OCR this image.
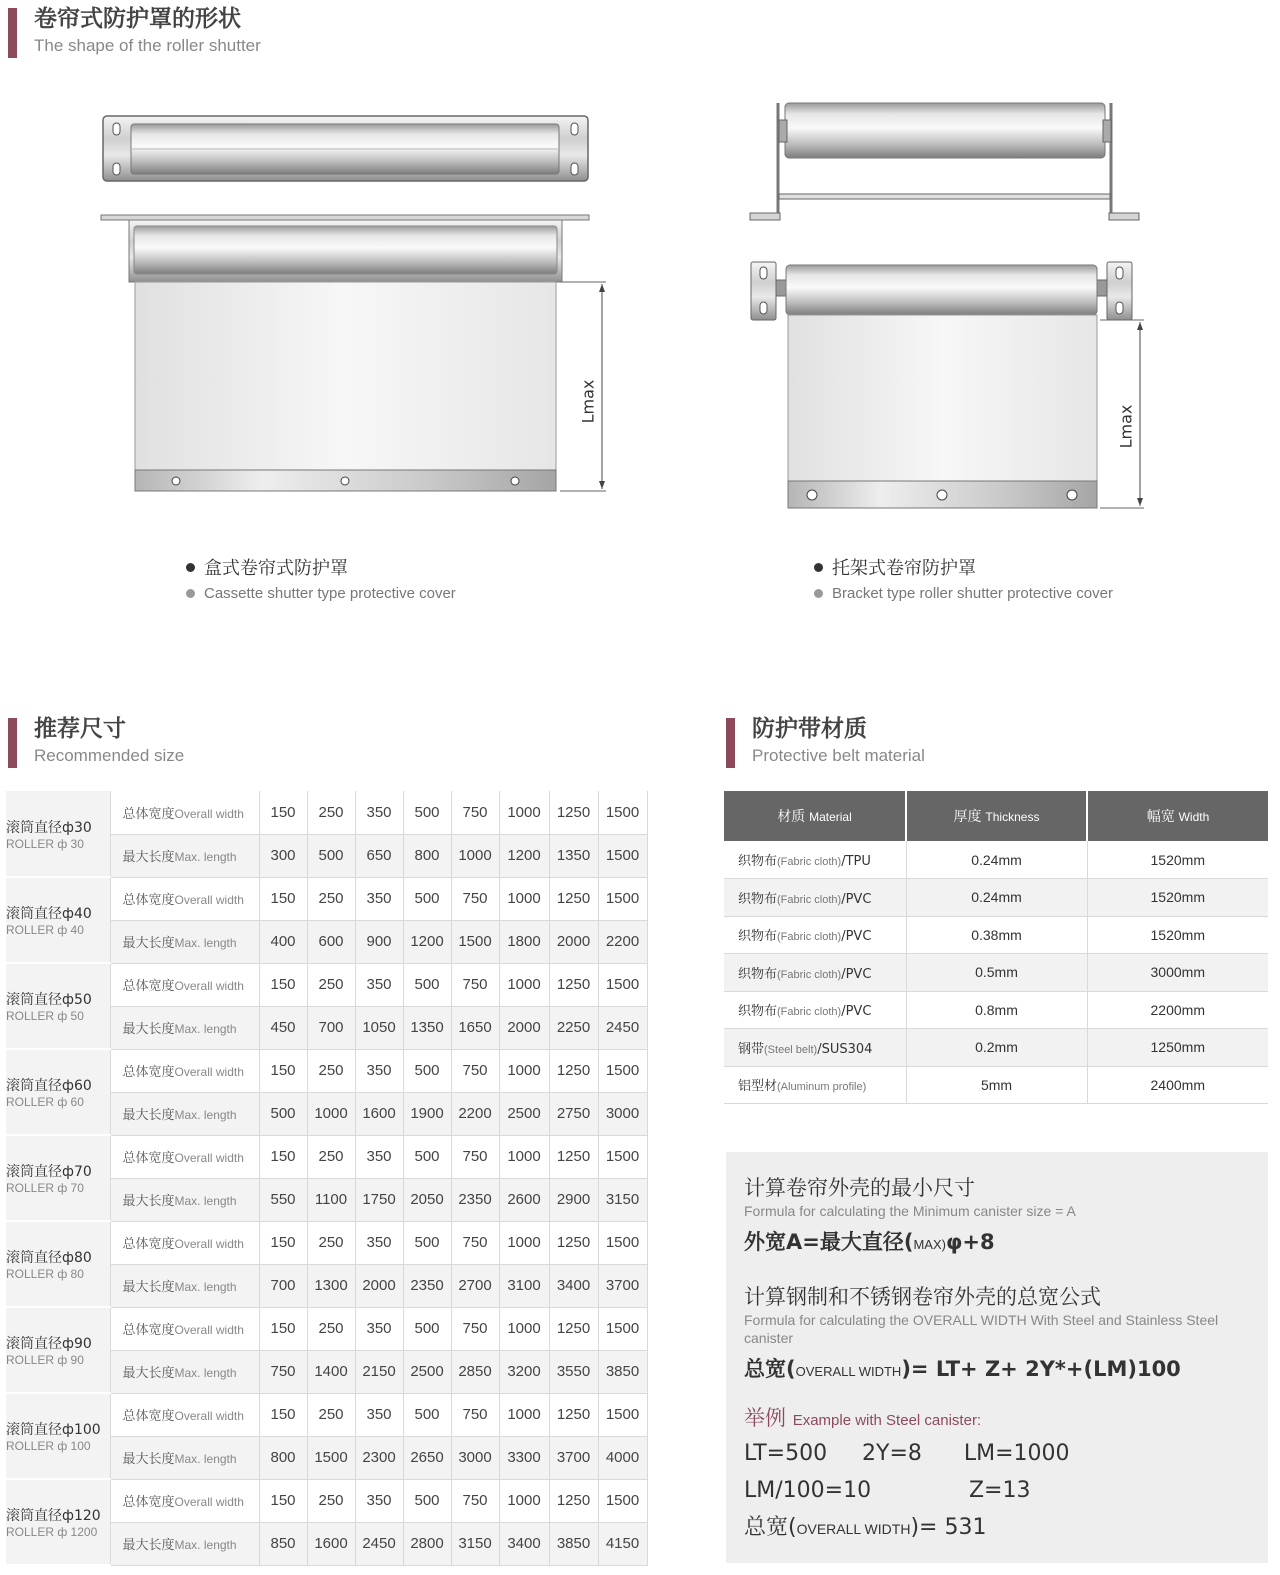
卷帘式防护罩的形状
The shape of the roller shutter
Lmax
Lmax
盒式卷帘式防护罩
Cassette shutter type protective cover
托架式卷帘防护罩
Bracket type roller shutter protective cover
推荐尺寸
Recommended size
防护带材质
Protective belt material
滚筒直径ф30
ROLLER ф 30	总体宽度Overall width	150	250	350	500	750	1000	1250	1500
	最大长度Max. length	300	500	650	800	1000	1200	1350	1500

滚筒直径ф40
ROLLER ф 40	总体宽度Overall width	150	250	350	500	750	1000	1250	1500
	最大长度Max. length	400	600	900	1200	1500	1800	2000	2200

滚筒直径ф50
ROLLER ф 50	总体宽度Overall width	150	250	350	500	750	1000	1250	1500
	最大长度Max. length	450	700	1050	1350	1650	2000	2250	2450

滚筒直径ф60
ROLLER ф 60	总体宽度Overall width	150	250	350	500	750	1000	1250	1500
	最大长度Max. length	500	1000	1600	1900	2200	2500	2750	3000

滚筒直径ф70
ROLLER ф 70	总体宽度Overall width	150	250	350	500	750	1000	1250	1500
	最大长度Max. length	550	1100	1750	2050	2350	2600	2900	3150

滚筒直径ф80
ROLLER ф 80	总体宽度Overall width	150	250	350	500	750	1000	1250	1500
	最大长度Max. length	700	1300	2000	2350	2700	3100	3400	3700

滚筒直径ф90
ROLLER ф 90	总体宽度Overall width	150	250	350	500	750	1000	1250	1500
	最大长度Max. length	750	1400	2150	2500	2850	3200	3550	3850

滚筒直径ф100
ROLLER ф 100	总体宽度Overall width	150	250	350	500	750	1000	1250	1500
	最大长度Max. length	800	1500	2300	2650	3000	3300	3700	4000

滚筒直径ф120
ROLLER ф 1200	总体宽度Overall width	150	250	350	500	750	1000	1250	1500
	最大长度Max. length	850	1600	2450	2800	3150	3400	3850	4150
材质 Material	厚度 Thickness	幅宽 Width
织物布(Fabric cloth)/TPU	0.24mm	1520mm
织物布(Fabric cloth)/PVC	0.24mm	1520mm
织物布(Fabric cloth)/PVC	0.38mm	1520mm
织物布(Fabric cloth)/PVC	0.5mm	3000mm
织物布(Fabric cloth)/PVC	0.8mm	2200mm
钢带(Steel belt)/SUS304	0.2mm	1250mm
铝型材(Aluminum profile)	5mm	2400mm
计算卷帘外壳的最小尺寸
Formula for calculating the Minimum canister size = A
外宽A=最大直径(MAX)φ+8
计算钢制和不锈钢卷帘外壳的总宽公式
Formula for calculating the OVERALL WIDTH With Steel and Stainless Steel canister
总宽(OVERALL WIDTH)= LT+ Z+ 2Y*+(LM)100
举例 Example with Steel canister:
LT=500     2Y=8      LM=1000
LM/100=10              Z=13
总宽(OVERALL WIDTH)= 531
